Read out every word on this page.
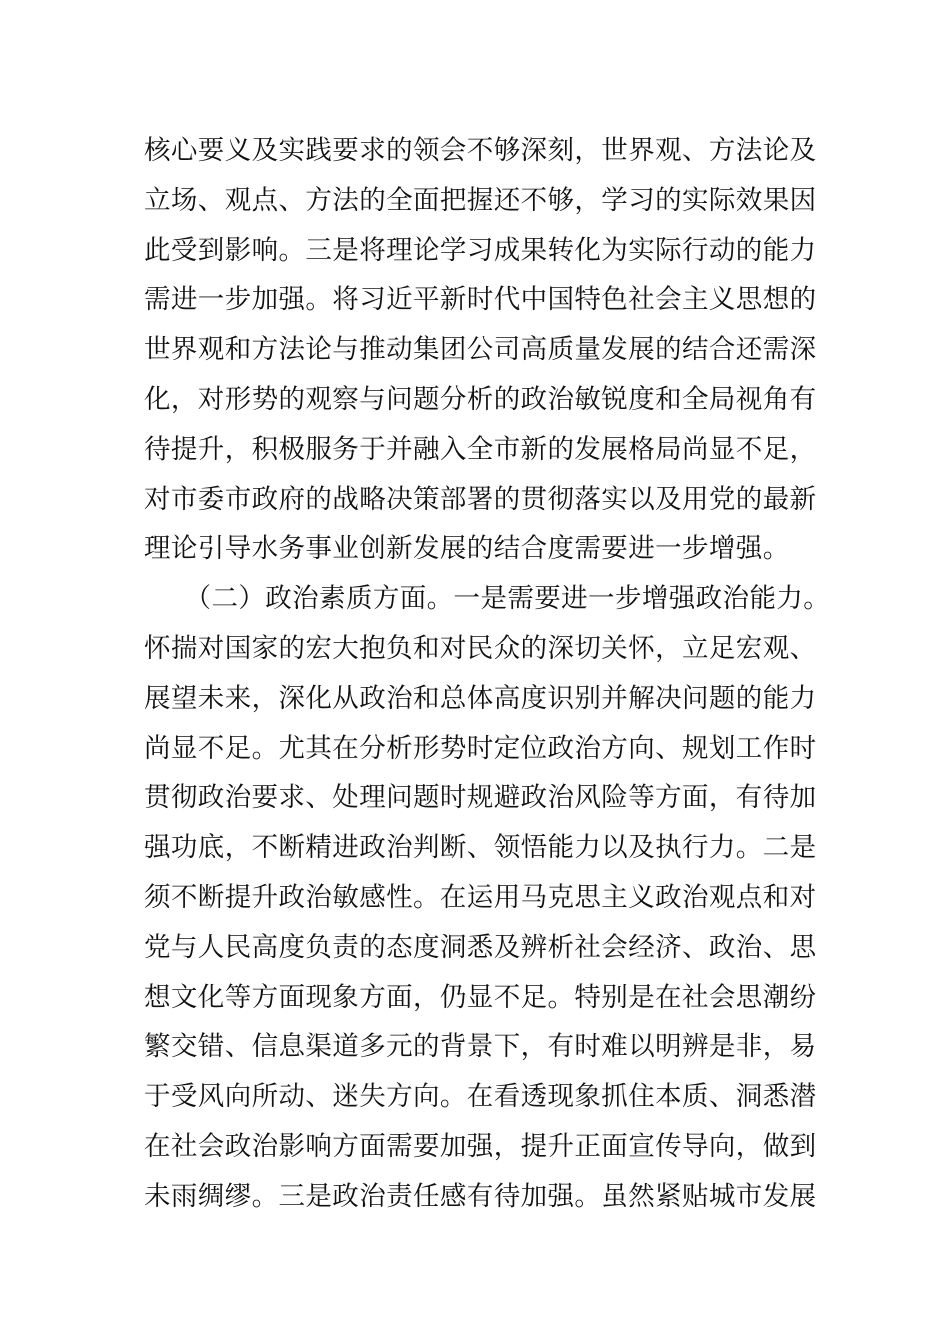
核心要义及实践要求的领会不够深刻，世界观、方法论及
立场、观点、方法的全面把握还不够，学习的实际效果因
此受到影响。三是将理论学习成果转化为实际行动的能力
需进一步加强。将习近平新时代中国特色社会主义思想的
世界观和方法论与推动集团公司高质量发展的结合还需深
化，对形势的观察与问题分析的政治敏锐度和全局视角有
待提升，积极服务于并融入全市新的发展格局尚显不足，
对市委市政府的战略决策部署的贯彻落实以及用党的最新
理论引导水务事业创新发展的结合度需要进一步增强。
　　（二）政治素质方面。一是需要进一步增强政治能力。
怀揣对国家的宏大抱负和对民众的深切关怀，立足宏观、
展望未来，深化从政治和总体高度识别并解决问题的能力
尚显不足。尤其在分析形势时定位政治方向、规划工作时
贯彻政治要求、处理问题时规避政治风险等方面，有待加
强功底，不断精进政治判断、领悟能力以及执行力。二是
须不断提升政治敏感性。在运用马克思主义政治观点和对
党与人民高度负责的态度洞悉及辨析社会经济、政治、思
想文化等方面现象方面，仍显不足。特别是在社会思潮纷
繁交错、信息渠道多元的背景下，有时难以明辨是非，易
于受风向所动、迷失方向。在看透现象抓住本质、洞悉潜
在社会政治影响方面需要加强，提升正面宣传导向，做到
未雨绸缪。三是政治责任感有待加强。虽然紧贴城市发展
